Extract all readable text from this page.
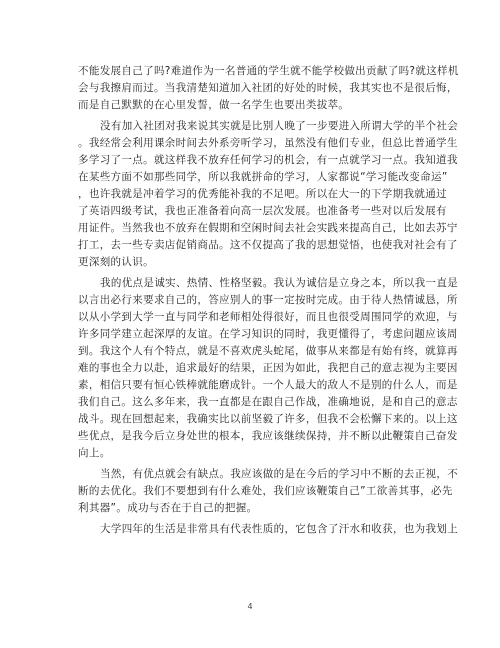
不能发展自己了吗?难道作为一名普通的学生就不能学校做出贡献了吗?就这样机
会与我擦肩而过。当我清楚知道加入社团的好处的时候，我其实也不是很后悔，
而是自己默默的在心里发誓，做一名学生也要出类拔萃。
没有加入社团对我来说其实就是比别人晚了一步要进入所谓大学的半个社会
。我经常会利用课余时间去外系旁听学习，虽然没有他们专业，但总比普通学生
多学习了一点。就这样我不放弃任何学习的机会，有一点就学习一点。我知道我
在某些方面不如那些同学，所以我就拼命的学习，人家都说“学习能改变命运”
，也许我就是冲着学习的优秀能补我的不足吧。所以在大一的下学期我就通过
了英语四级考试，我也正准备着向高一层次发展。也准备考一些对以后发展有
用证件。当然我也不放弃在假期和空闲时间去社会实践来提高自己，比如去苏宁
打工，去一些专卖店促销商品。这不仅提高了我的思想觉悟，也使我对社会有了
更深刻的认识。
我的优点是诚实、热情、性格坚毅。我认为诚信是立身之本，所以我一直是
以言出必行来要求自己的，答应别人的事一定按时完成。由于待人热情诚恳，所
以从小学到大学一直与同学和老师相处得很好，而且也很受周围同学的欢迎，与
许多同学建立起深厚的友谊。在学习知识的同时，我更懂得了，考虑问题应该周
到。我这个人有个特点，就是不喜欢虎头蛇尾，做事从来都是有始有终，就算再
难的事也全力以赴，追求最好的结果，正因为如此，我把自己的意志视为主要因
素，相信只要有恒心铁棒就能磨成针。一个人最大的敌人不是别的什么人，而是
我们自己。这么多年来，我一直都是在跟自己作战，准确地说，是和自己的意志
战斗。现在回想起来，我确实比以前坚毅了许多，但我不会松懈下来的。以上这
些优点，是我今后立身处世的根本，我应该继续保持，并不断以此鞭策自己奋发
向上。
当然，有优点就会有缺点。我应该做的是在今后的学习中不断的去正视，不
断的去优化。我们不要想到有什么难处，我们应该鞭策自己”工欲善其事，必先
利其器”。成功与否在于自己的把握。
大学四年的生活是非常具有代表性质的，它包含了汗水和收获，也为我划上
4
